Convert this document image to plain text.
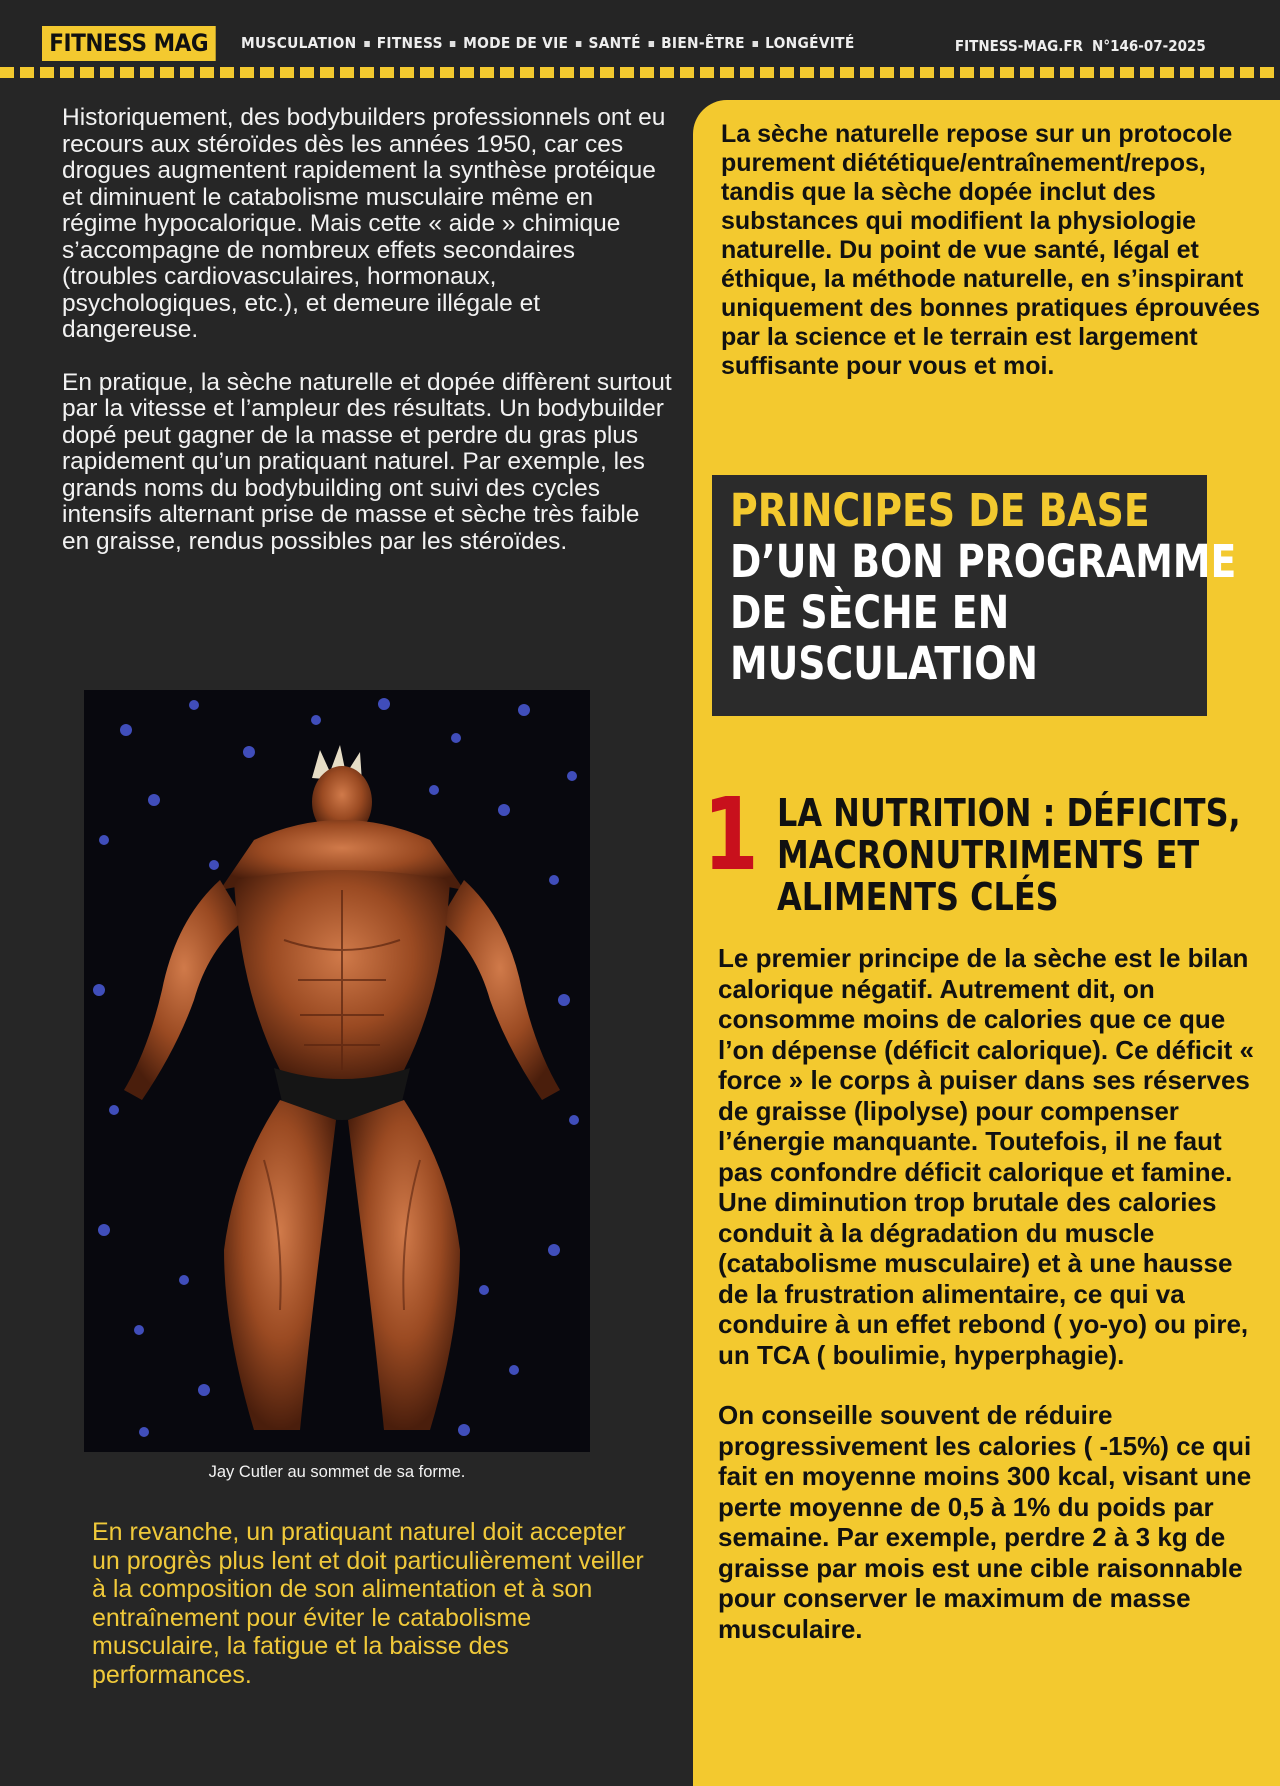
FITNESS MAG	MUSCULATION FITNESS MODE DE VIE SANTÉ BIEN-ÊTRE LONGÉVITÉ	FITNESS-MAG.FR N°146-07-2025

Historiquement, des bodybuilders professionnels ont eu recours aux stéroïdes dès les années 1950, car ces drogues augmentent rapidement la synthèse protéique et diminuent le catabolisme musculaire même en régime hypocalorique. Mais cette « aide » chimique s’accompagne de nombreux effets secondaires (troubles cardiovasculaires, hormonaux, psychologiques, etc.), et demeure illégale et dangereuse.

En pratique, la sèche naturelle et dopée diffèrent surtout par la vitesse et l’ampleur des résultats. Un bodybuilder dopé peut gagner de la masse et perdre du gras plus rapidement qu’un pratiquant naturel. Par exemple, les grands noms du bodybuilding ont suivi des cycles intensifs alternant prise de masse et sèche très faible en graisse, rendus possibles par les stéroïdes.

Jay Cutler au sommet de sa forme.

En revanche, un pratiquant naturel doit accepter un progrès plus lent et doit particulièrement veiller à la composition de son alimentation et à son entraînement pour éviter le catabolisme musculaire, la fatigue et la baisse des performances.

La sèche naturelle repose sur un protocole purement diététique/entraînement/repos, tandis que la sèche dopée inclut des substances qui modifient la physiologie naturelle. Du point de vue santé, légal et éthique, la méthode naturelle, en s’inspirant uniquement des bonnes pratiques éprouvées par la science et le terrain est largement suffisante pour vous et moi.

PRINCIPES DE BASE
D’UN BON PROGRAMME
DE SÈCHE EN
MUSCULATION
1 LA NUTRITION : DÉFICITS,
MACRONUTRIMENTS ET
ALIMENTS CLÉS

Le premier principe de la sèche est le bilan calorique négatif. Autrement dit, on consomme moins de calories que ce que l’on dépense (déficit calorique). Ce déficit « force » le corps à puiser dans ses réserves de graisse (lipolyse) pour compenser l’énergie manquante. Toutefois, il ne faut pas confondre déficit calorique et famine. Une diminution trop brutale des calories conduit à la dégradation du muscle (catabolisme musculaire) et à une hausse de la frustration alimentaire, ce qui va conduire à un effet rebond ( yo-yo) ou pire, un TCA ( boulimie, hyperphagie).

On conseille souvent de réduire progressivement les calories ( -15%) ce qui fait en moyenne moins 300 kcal, visant une perte moyenne de 0,5 à 1% du poids par semaine. Par exemple, perdre 2 à 3 kg de graisse par mois est une cible raisonnable pour conserver le maximum de masse musculaire.
